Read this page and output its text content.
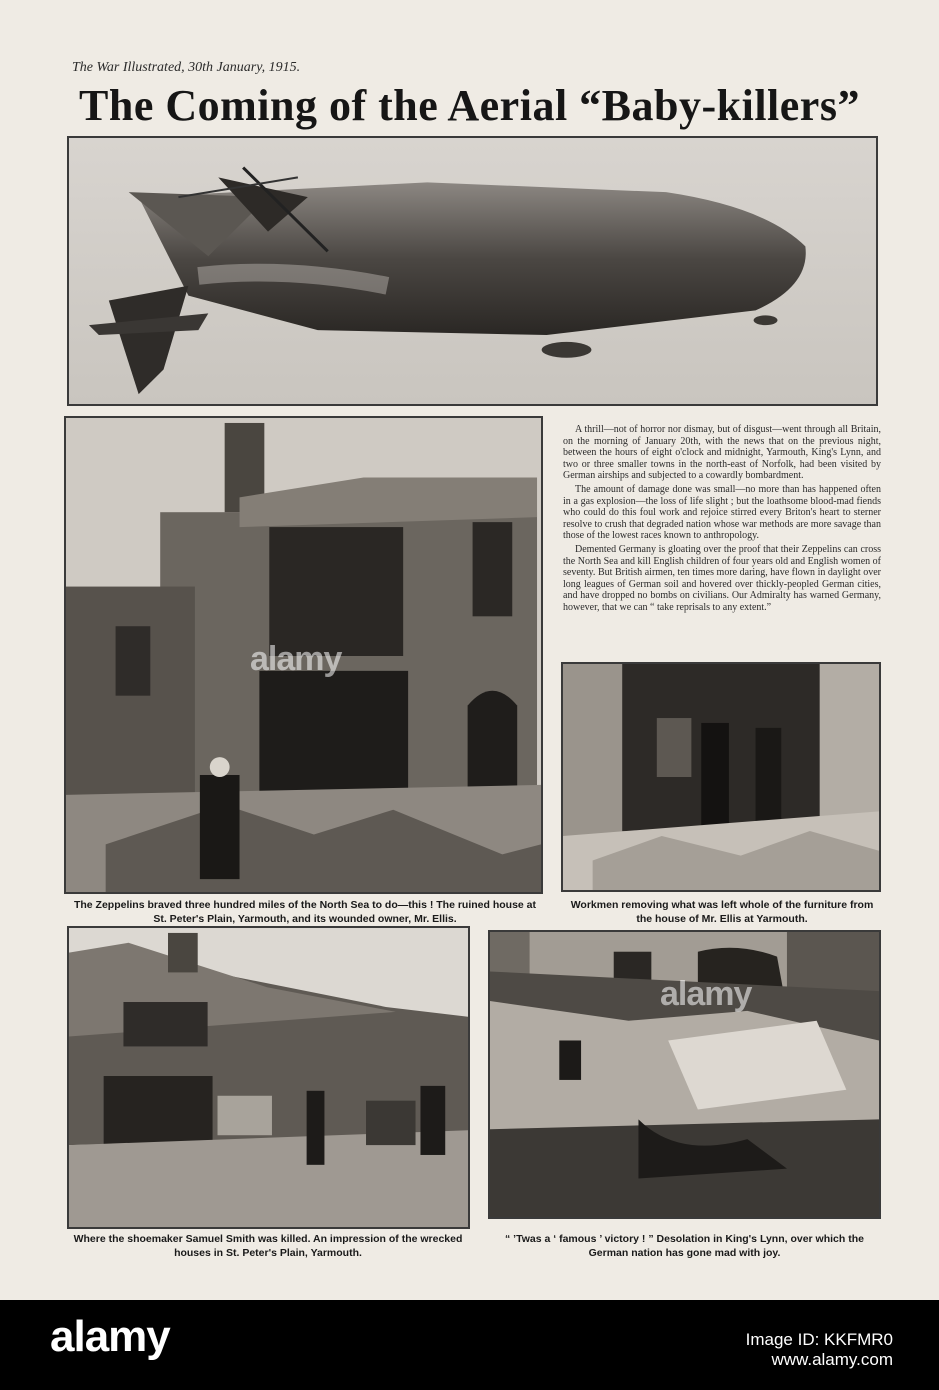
The War Illustrated, 30th January, 1915.
The Coming of the Aerial “Baby-killers”

A thrill—not of horror nor dismay, but of disgust—went through all Britain, on the morning of January 20th, with the news that on the previous night, between the hours of eight o'clock and midnight, Yarmouth, King's Lynn, and two or three smaller towns in the north-east of Norfolk, had been visited by German airships and subjected to a cowardly bombardment.

The amount of damage done was small—no more than has happened often in a gas explosion—the loss of life slight ; but the loathsome blood-mad fiends who could do this foul work and rejoice stirred every Briton's heart to sterner resolve to crush that degraded nation whose war methods are more savage than those of the lowest races known to anthropology.

Demented Germany is gloating over the proof that their Zeppelins can cross the North Sea and kill English children of four years old and English women of seventy. But British airmen, ten times more daring, have flown in daylight over long leagues of German soil and hovered over thickly-peopled German cities, and have dropped no bombs on civilians. Our Admiralty has warned Germany, however, that we can “ take reprisals to any extent.”

The Zeppelins braved three hundred miles of the North Sea to do—this ! The ruined house at St. Peter's Plain, Yarmouth, and its wounded owner, Mr. Ellis.
Workmen removing what was left whole of the furniture from the house of Mr. Ellis at Yarmouth.
Where the shoemaker Samuel Smith was killed. An impression of the wrecked houses in St. Peter's Plain, Yarmouth.
“ ’Twas a ‘ famous ’ victory ! ” Desolation in King's Lynn, over which the German nation has gone mad with joy.
alamy
alamy
alamy	Image ID: KKFMR0
www.alamy.com
